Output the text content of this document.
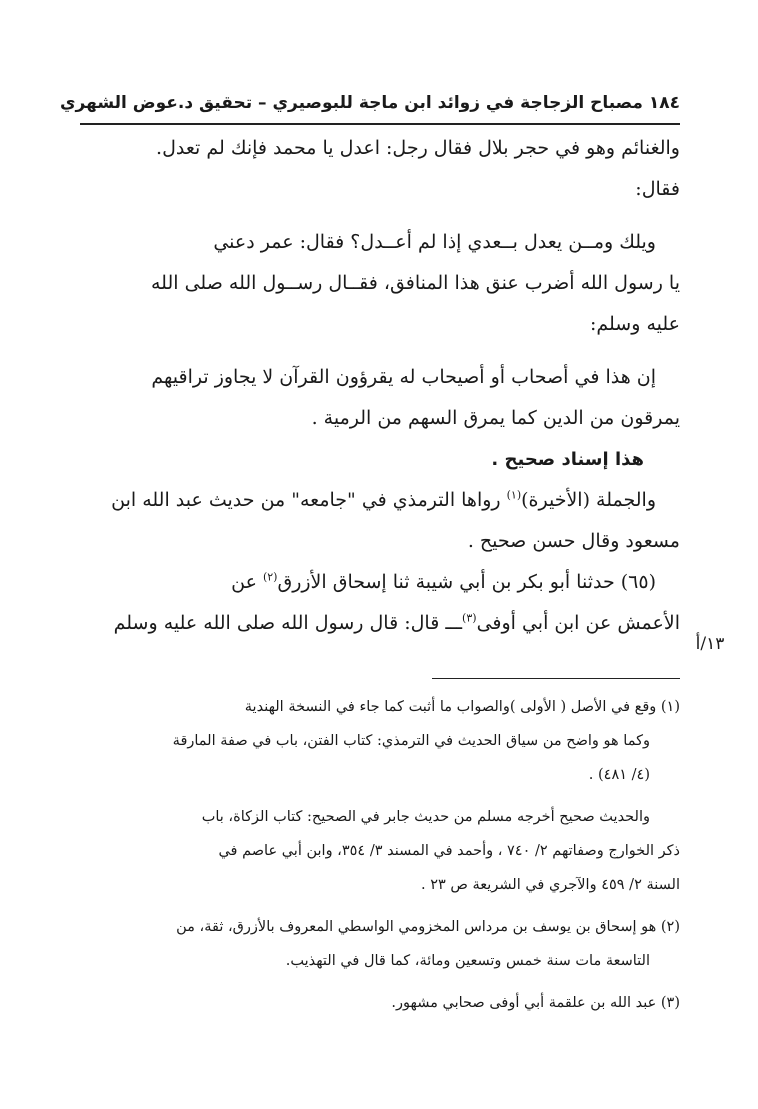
١٨٤ مصباح الزجاجة في زوائد ابن ماجة للبوصيري – تحقيق د.عوض الشهري

والغنائم وهو في حجر بلال فقال رجل: اعدل يا محمد فإنك لم تعدل.

فقال:

ويلك ومــن يعدل بــعدي إذا لم أعــدل؟ فقال: عمر دعني

يا رسول الله أضرب عنق هذا المنافق، فقــال رســول الله صلى الله

عليه وسلم:

إن هذا في أصحاب أو أصيحاب له يقرؤون القرآن لا يجاوز تراقيهم

يمرقون من الدين كما يمرق السهم من الرمية .

هذا إسناد صحيح .

والجملة (الأخيرة)$^{(١)}$ رواها الترمذي في "جامعه" من حديث عبد الله ابن

مسعود وقال حسن صحيح .

(٦٥) حدثنا أبو بكر بن أبي شيبة ثنا إسحاق الأزرق$^{(٢)}$ عن

الأعمش عن ابن أبي أوفى$^{(٣)}$ـــ قال: قال رسول الله صلى الله عليه وسلم

١٣/أ

(١) وقع في الأصل ( الأولى )والصواب ما أثبت كما جاء في النسخة الهندية

وكما هو واضح من سياق الحديث في الترمذي: كتاب الفتن، باب في صفة المارقة

(٤/ ٤٨١) .

والحديث صحيح أخرجه مسلم من حديث جابر في الصحيح: كتاب الزكاة، باب

ذكر الخوارج وصفاتهم ٢/ ٧٤٠ ، وأحمد في المسند ٣/ ٣٥٤، وابن أبي عاصم في

السنة ٢/ ٤٥٩ والآجري في الشريعة ص ٢٣ .

(٢) هو إسحاق بن يوسف بن مرداس المخزومي الواسطي المعروف بالأزرق، ثقة، من

التاسعة مات سنة خمس وتسعين ومائة، كما قال في التهذيب.

(٣) عبد الله بن علقمة أبي أوفى صحابي مشهور.
